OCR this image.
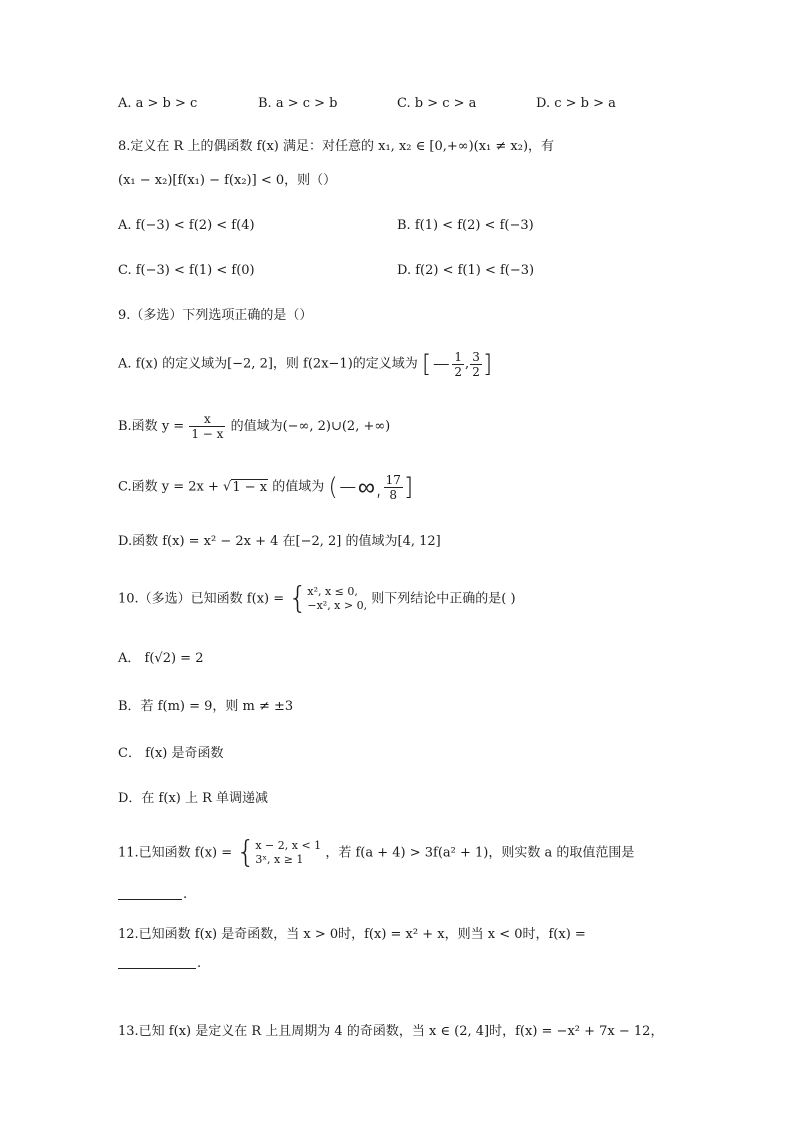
A. a > b > c	B. a > c > b	C. b > c > a	D. c > b > a
8.定义在 R 上的偶函数 f(x) 满足：对任意的 x₁, x₂ ∈ [0,+∞)(x₁ ≠ x₂)，有
(x₁ − x₂)[f(x₁) − f(x₂)] < 0，则（）
A. f(−3) < f(2) < f(4)	B. f(1) < f(2) < f(−3)
C. f(−3) < f(1) < f(0)	D. f(2) < f(1) < f(−3)
9.（多选）下列选项正确的是（）
A. f(x) 的定义域为[−2, 2]，则 f(2x−1)的定义域为 [− $\frac{1}{2}$ , $\frac{3}{2}$ ]
B.函数 $y = \frac{x}{1 - x}$ 的值域为(−∞, 2)∪(2, +∞)
C.函数 y = 2x + √1 − x 的值域为 (−∞, $\frac{17}{8}$ ]
D.函数 f(x) = x² − 2x + 4 在[−2, 2] 的值域为[4, 12]
10.（多选）已知函数 f(x) = { x², x ≤ 0,
−x², x > 0, 则下列结论中正确的是( )
A． f(√2) = 2
B．若 f(m) = 9，则 m ≠ ±3
C． f(x) 是奇函数
D．在 f(x) 上 R 单调递减
11.已知函数 f(x) = { x − 2, x < 1
3ˣ, x ≥ 1	，若 f(a + 4) > 3f(a² + 1)，则实数 a 的取值范围是
.
12.已知函数 f(x) 是奇函数，当 x > 0时，f(x) = x² + x，则当 x < 0时，f(x) =
.
13.已知 f(x) 是定义在 R 上且周期为 4 的奇函数，当 x ∈ (2, 4]时，f(x) = −x² + 7x − 12，
